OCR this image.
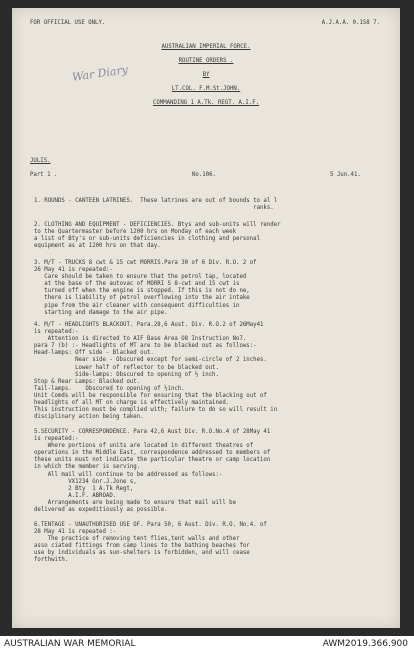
FOR OFFICIAL USE ONLY.	A.J.A.A. 0.158 7.
AUSTRALIAN IMPERIAL FORCE.
ROUTINE ORDERS .
BY
LT.COL. F.M.St.JOHN.
COMMANDING 1 A.Tk. REGT. A.I.F.
War Diary
JULIS.
Part 1 .	No.106.	5 Jun.41.
1. ROUNDS - CANTEEN LATRINES.  These latrines are out of bounds to al l
ranks.
2. CLOTHING AND EQUIPMENT - DEFICIENCIES. Btys and sub-units will render
to the Quartermaster before 1200 hrs on Monday of each week
a list of Bty's or sub-units deficiencies in clothing and personal
equipment as at 1200 hrs on that day.
3. M/T - TRUCKS 8 cwt & 15 cwt MORRIS.Para 30 of 6 Div. R.O. 2 of
26 May 41 is repeated:-
Care should be taken to ensure that the petrol tap, located
at the base of the autovac of MORRI S 8-cwt and 15 cwt is
turned off when the engine is stopped. If this is not do ne,
there is liability of petrol overflowing into the air intake
pipe from the air cleaner with consequent difficulties in
starting and damage to the air pipe.
4. M/T - HEADLIGHTS BLACKOUT. Para.28,6 Aust. Div. R.O.2 of 26May41
is repeated:-
Attention is directed to AIF Base Area O8 Instruction No7.
para 7 (b) :- Headlights of MT are to be blacked out as follows:-
Head-lamps: Off side - Blacked out.
Near side - Obscured except for semi-circle of 2 inches.
Lower half of reflector to be blacked out.
Side-lamps: Obscured to opening of ½ inch.
Stop & Rear Lamps: Blacked out.
Tail-lamps.    Obscured to opening of ½inch.
Unit Comds will be responsible for ensuring that the blacking out of
headlights of all MT on charge is effectively maintained.
This instruction must be complied with; failure to do so will result in
disciplinary action being taken.
5.SECURITY - CORRESPONDENCE. Para 42,6 Aust Div. R.O.No.4 of 28May 41
is repeated:-
Where portions of units are located in different theatres of
operations in the Middle East, correspondence addressed to members of
these units must not indicate the particular theatre or camp location
in which the member is serving.
All mail will continue to be addressed as follows:-
VX1234 Gnr.J.Jone s,
2 Bty  1 A.Tk Regt,
A.I.F. ABROAD.
Arrangements are being made to ensure that mail will be
delivered as expeditiously as possible.
6.TENTAGE - UNAUTHORISED USE OF. Para 50, 6 Aust. Div. R.O. No.4. of
28 May 41 is repeated :-
The practice of removing tent flies,tent walls and other
asso ciated fittings from camp lines to the bathing beaches for
use by individuals as sun-shelters is forbidden, and will cease
forthwith.
AUSTRALIAN WAR MEMORIAL	AWM2019.366.900
